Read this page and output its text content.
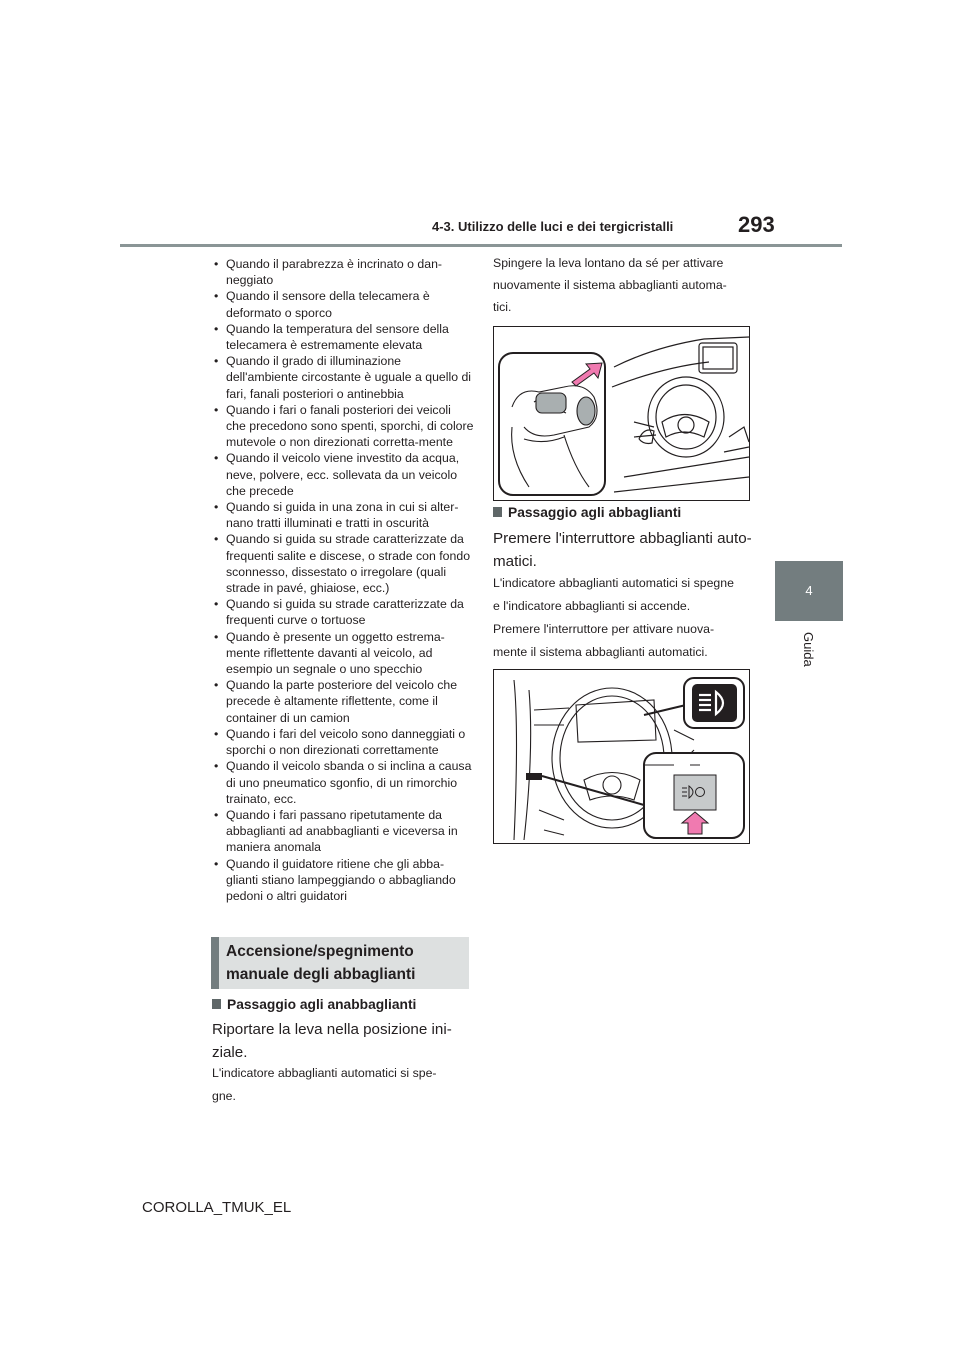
4-3. Utilizzo delle luci e dei tergicristalli	293
4
Guida
• Quando il parabrezza è incrinato o dan-neggiato
• Quando il sensore della telecamera è deformato o sporco
• Quando la temperatura del sensore della telecamera è estremamente elevata
• Quando il grado di illuminazione dell'ambiente circostante è uguale a quello di fari, fanali posteriori o antinebbia
• Quando i fari o fanali posteriori dei veicoli che precedono sono spenti, sporchi, di colore mutevole o non direzionati corretta-mente
• Quando il veicolo viene investito da acqua, neve, polvere, ecc. sollevata da un veicolo che precede
• Quando si guida in una zona in cui si alter-nano tratti illuminati e tratti in oscurità
• Quando si guida su strade caratterizzate da frequenti salite e discese, o strade con fondo sconnesso, dissestato o irregolare (quali strade in pavé, ghiaiose, ecc.)
• Quando si guida su strade caratterizzate da frequenti curve o tortuose
• Quando è presente un oggetto estrema-mente riflettente davanti al veicolo, ad esempio un segnale o uno specchio
• Quando la parte posteriore del veicolo che precede è altamente riflettente, come il container di un camion
• Quando i fari del veicolo sono danneggiati o sporchi o non direzionati correttamente
• Quando il veicolo sbanda o si inclina a causa di uno pneumatico sgonfio, di un rimorchio trainato, ecc.
• Quando i fari passano ripetutamente da abbaglianti ad anabbaglianti e viceversa in maniera anomala
• Quando il guidatore ritiene che gli abba-glianti stiano lampeggiando o abbagliando pedoni o altri guidatori
Accensione/spegnimento
manuale degli abbaglianti
Passaggio agli anabbaglianti
Riportare la leva nella posizione ini-
ziale.
L'indicatore abbaglianti automatici si spe-
gne.
Spingere la leva lontano da sé per attivare
nuovamente il sistema abbaglianti automa-
tici.
Passaggio agli abbaglianti
Premere l'interruttore abbaglianti auto-
matici.
L'indicatore abbaglianti automatici si spegne
e l'indicatore abbaglianti si accende.
Premere l'interruttore per attivare nuova-
mente il sistema abbaglianti automatici.
COROLLA_TMUK_EL
